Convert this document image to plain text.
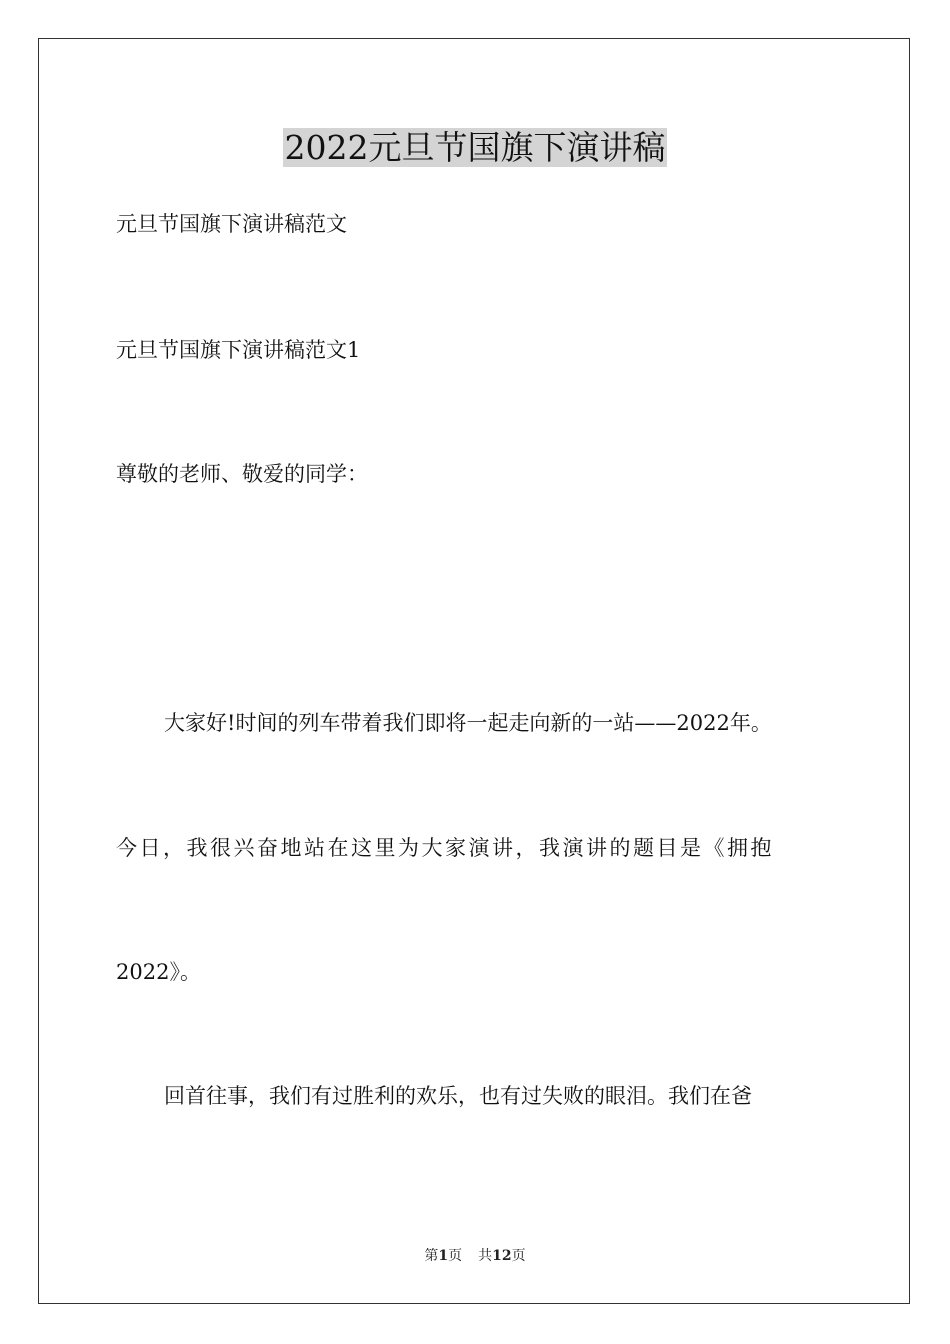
2022元旦节国旗下演讲稿

元旦节国旗下演讲稿范文

元旦节国旗下演讲稿范文1

尊敬的老师、敬爱的同学：

大家好!时间的列车带着我们即将一起走向新的一站——2022年。

今日，我很兴奋地站在这里为大家演讲，我演讲的题目是《拥抱

2022》。

回首往事，我们有过胜利的欢乐，也有过失败的眼泪。我们在爸

第1页 共12页
